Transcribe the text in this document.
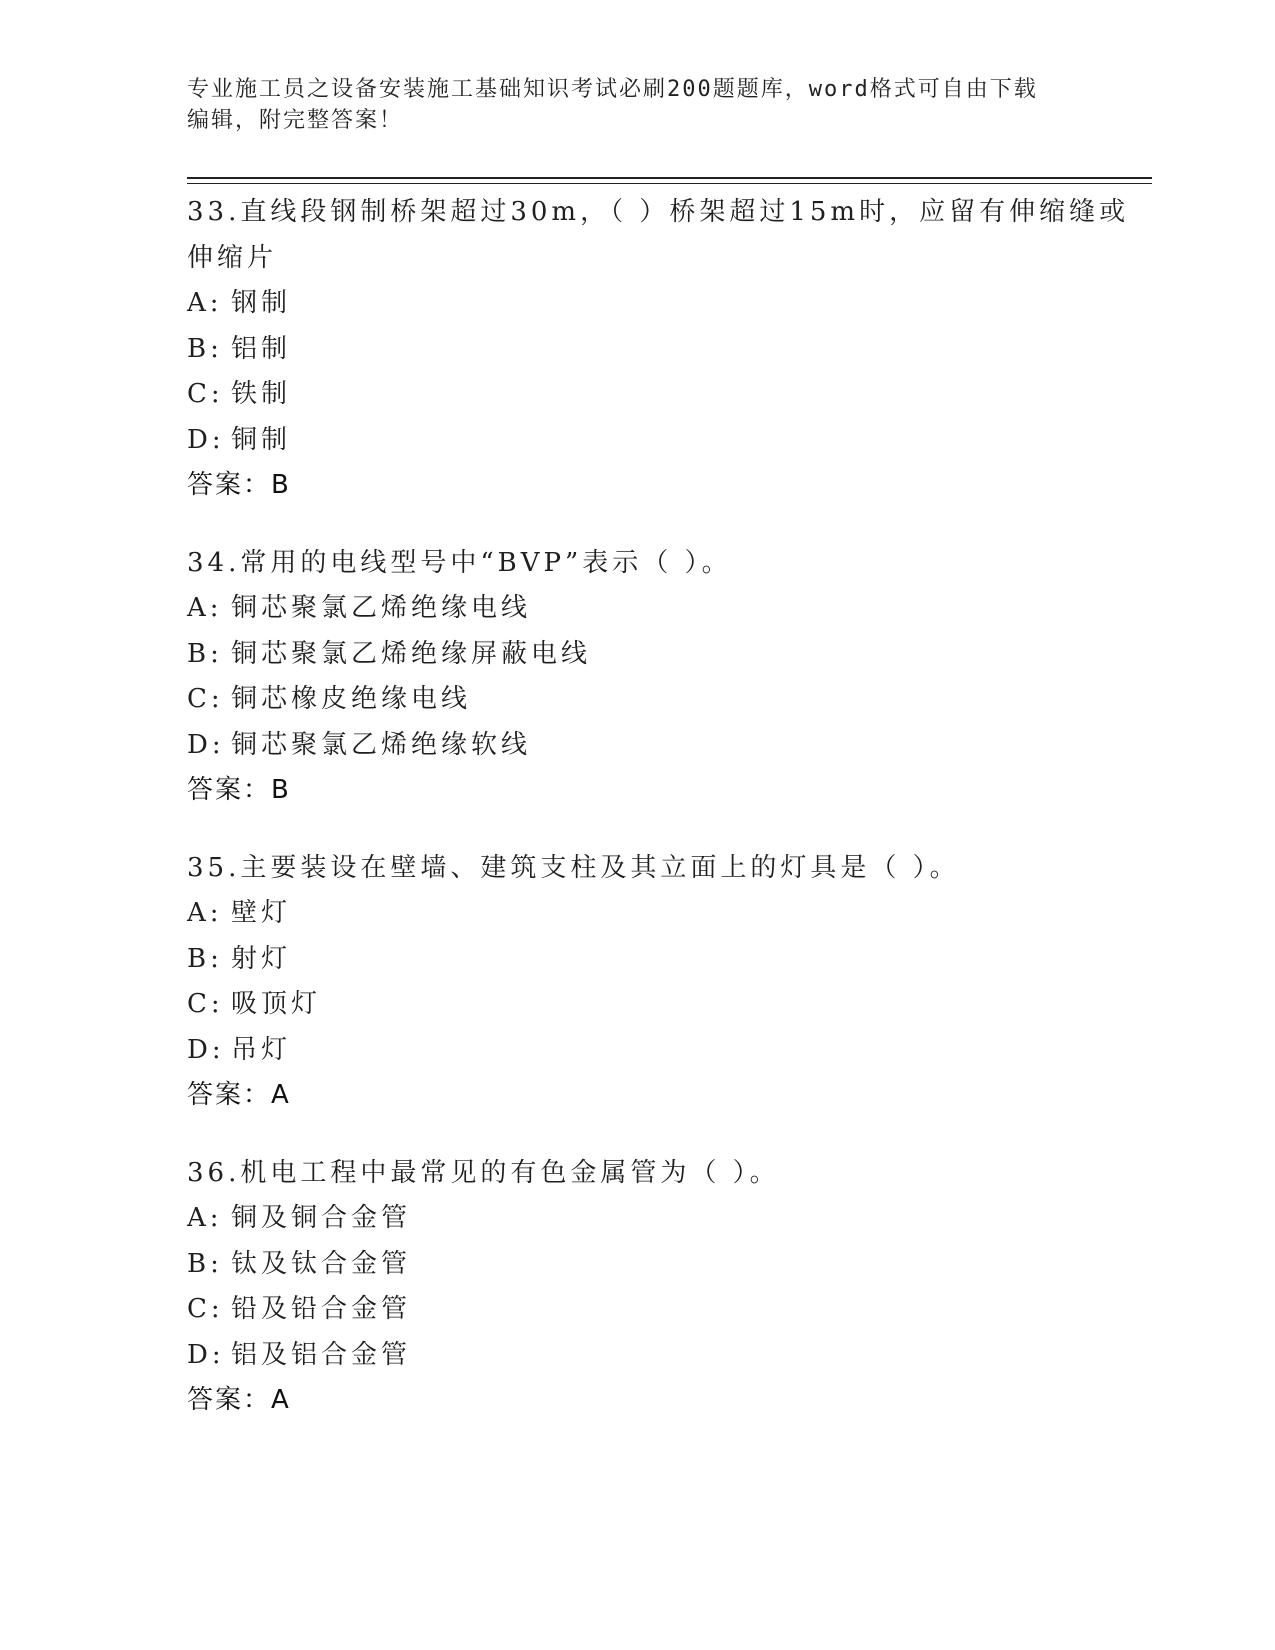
专业施工员之设备安装施工基础知识考试必刷200题题库，word格式可自由下载
编辑，附完整答案！
33.直线段钢制桥架超过30m，（ ）桥架超过15m时，应留有伸缩缝或
伸缩片
A: 钢制
B: 铝制
C: 铁制
D: 铜制
答案：B
34.常用的电线型号中“BVP”表示（ ）。
A: 铜芯聚氯乙烯绝缘电线
B: 铜芯聚氯乙烯绝缘屏蔽电线
C: 铜芯橡皮绝缘电线
D: 铜芯聚氯乙烯绝缘软线
答案：B
35.主要装设在壁墙、建筑支柱及其立面上的灯具是（ ）。
A: 壁灯
B: 射灯
C: 吸顶灯
D: 吊灯
答案：A
36.机电工程中最常见的有色金属管为（ ）。
A: 铜及铜合金管
B: 钛及钛合金管
C: 铅及铅合金管
D: 铝及铝合金管
答案：A
